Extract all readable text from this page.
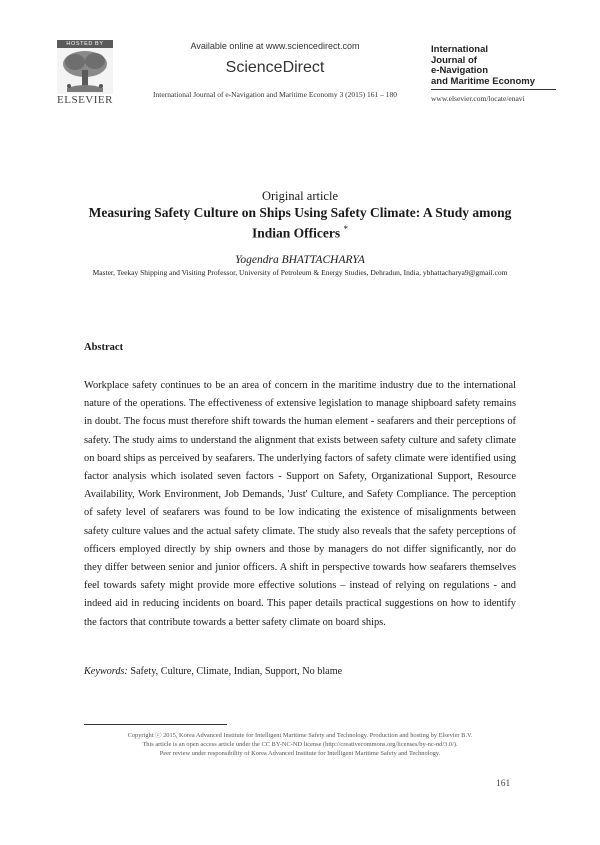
HOSTED BY
ELSEVIER
Available online at www.sciencedirect.com
ScienceDirect
International Journal of e-Navigation and Maritime Economy 3 (2015) 161 – 180
International
Journal of
e-Navigation
and Maritime Economy
www.elsevier.com/locate/enavi
Original article
Measuring Safety Culture on Ships Using Safety Climate: A Study among Indian Officers *
Yogendra BHATTACHARYA
Master, Teekay Shipping and Visiting Professor, University of Petroleum & Energy Studies, Dehradun, India, ybhattacharya9@gmail.com
Abstract
Workplace safety continues to be an area of concern in the maritime industry due to the international nature of the operations. The effectiveness of extensive legislation to manage shipboard safety remains in doubt. The focus must therefore shift towards the human element - seafarers and their perceptions of safety. The study aims to understand the alignment that exists between safety culture and safety climate on board ships as perceived by seafarers. The underlying factors of safety climate were identified using factor analysis which isolated seven factors - Support on Safety, Organizational Support, Resource Availability, Work Environment, Job Demands, 'Just' Culture, and Safety Compliance. The perception of safety level of seafarers was found to be low indicating the existence of misalignments between safety culture values and the actual safety climate. The study also reveals that the safety perceptions of officers employed directly by ship owners and those by managers do not differ significantly, nor do they differ between senior and junior officers. A shift in perspective towards how seafarers themselves feel towards safety might provide more effective solutions – instead of relying on regulations - and indeed aid in reducing incidents on board. This paper details practical suggestions on how to identify the factors that contribute towards a better safety climate on board ships.
Keywords: Safety, Culture, Climate, Indian, Support, No blame
Copyright ⓒ 2015, Korea Advanced Institute for Intelligent Maritime Safety and Technology. Production and hosting by Elsevier B.V.
This article is an open access article under the CC BY-NC-ND license (http://creativecommons.org/licenses/by-nc-nd/3.0/).
Peer review under responsibility of Korea Advanced Institute for Intelligent Maritime Safety and Technology.
161
